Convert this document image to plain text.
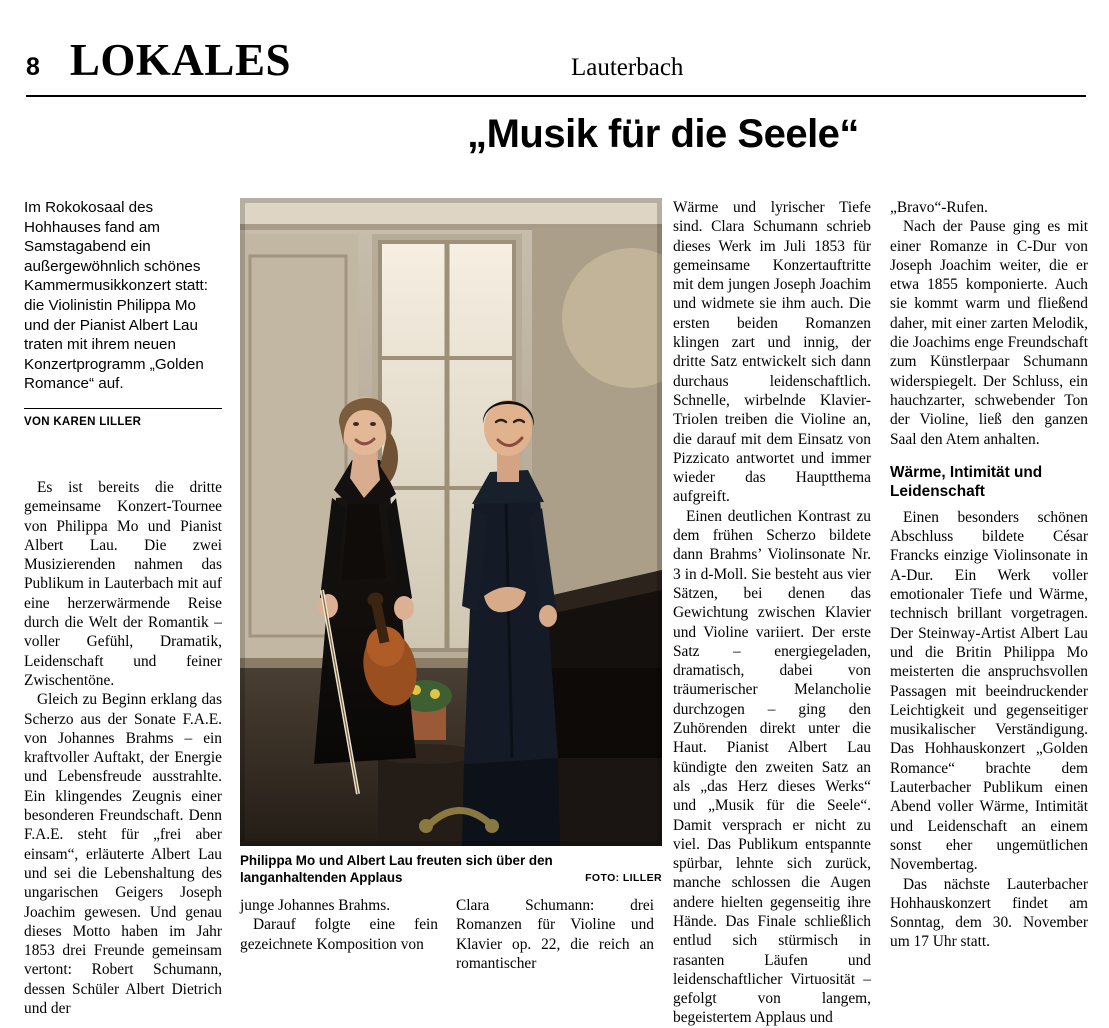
8 LOKALES	Lauterbach
„Musik für die Seele“
Im Rokokosaal des Hohhauses fand am Samstagabend ein außergewöhnlich schönes Kammermusikkonzert statt: die Violinistin Philippa Mo und der Pianist Albert Lau traten mit ihrem neuen Konzertprogramm „Golden Romance“ auf.
VON KAREN LILLER

Es ist bereits die dritte gemeinsame Konzert-Tournee von Philippa Mo und Pianist Albert Lau. Die zwei Musizierenden nahmen das Publikum in Lauterbach mit auf eine herzerwärmende Reise durch die Welt der Romantik – voller Gefühl, Dramatik, Leidenschaft und feiner Zwischentöne.

Gleich zu Beginn erklang das Scherzo aus der Sonate F.A.E. von Johannes Brahms – ein kraftvoller Auftakt, der Energie und Lebensfreude ausstrahlte. Ein klingendes Zeugnis einer besonderen Freundschaft. Denn F.A.E. steht für „frei aber einsam“, erläuterte Albert Lau und sei die Lebenshaltung des ungarischen Geigers Joseph Joachim gewesen. Und genau dieses Motto haben im Jahr 1853 drei Freunde gemeinsam vertont: Robert Schumann, dessen Schüler Albert Dietrich und der

Philippa Mo und Albert Lau freuten sich über den langanhaltenden Applaus	FOTO: LILLER

junge Johannes Brahms.

Darauf folgte eine fein gezeichnete Komposition von

Clara Schumann: drei Romanzen für Violine und Klavier op. 22, die reich an romantischer

Wärme und lyrischer Tiefe sind. Clara Schumann schrieb dieses Werk im Juli 1853 für gemeinsame Konzertauftritte mit dem jungen Joseph Joachim und widmete sie ihm auch. Die ersten beiden Romanzen klingen zart und innig, der dritte Satz entwickelt sich dann durchaus leidenschaftlich. Schnelle, wirbelnde Klavier-Triolen treiben die Violine an, die darauf mit dem Einsatz von Pizzicato antwortet und immer wieder das Hauptthema aufgreift.

Einen deutlichen Kontrast zu dem frühen Scherzo bildete dann Brahms’ Violinsonate Nr. 3 in d-Moll. Sie besteht aus vier Sätzen, bei denen das Gewichtung zwischen Klavier und Violine variiert. Der erste Satz – energiegeladen, dramatisch, dabei von träumerischer Melancholie durchzogen – ging den Zuhörenden direkt unter die Haut. Pianist Albert Lau kündigte den zweiten Satz an als „das Herz dieses Werks“ und „Musik für die Seele“. Damit versprach er nicht zu viel. Das Publikum entspannte spürbar, lehnte sich zurück, manche schlossen die Augen andere hielten gegenseitig ihre Hände. Das Finale schließlich entlud sich stürmisch in rasanten Läufen und leidenschaftlicher Virtuosität – gefolgt von langem, begeistertem Applaus und

„Bravo“-Rufen.

Nach der Pause ging es mit einer Romanze in C-Dur von Joseph Joachim weiter, die er etwa 1855 komponierte. Auch sie kommt warm und fließend daher, mit einer zarten Melodik, die Joachims enge Freundschaft zum Künstlerpaar Schumann widerspiegelt. Der Schluss, ein hauchzarter, schwebender Ton der Violine, ließ den ganzen Saal den Atem anhalten.

Wärme, Intimität und Leidenschaft

Einen besonders schönen Abschluss bildete César Francks einzige Violinsonate in A-Dur. Ein Werk voller emotionaler Tiefe und Wärme, technisch brillant vorgetragen. Der Steinway-Artist Albert Lau und die Britin Philippa Mo meisterten die anspruchsvollen Passagen mit beeindruckender Leichtigkeit und gegenseitiger musikalischer Verständigung. Das Hohhauskonzert „Golden Romance“ brachte dem Lauterbacher Publikum einen Abend voller Wärme, Intimität und Leidenschaft an einem sonst eher ungemütlichen Novembertag.

Das nächste Lauterbacher Hohhauskonzert findet am Sonntag, dem 30. November um 17 Uhr statt.
